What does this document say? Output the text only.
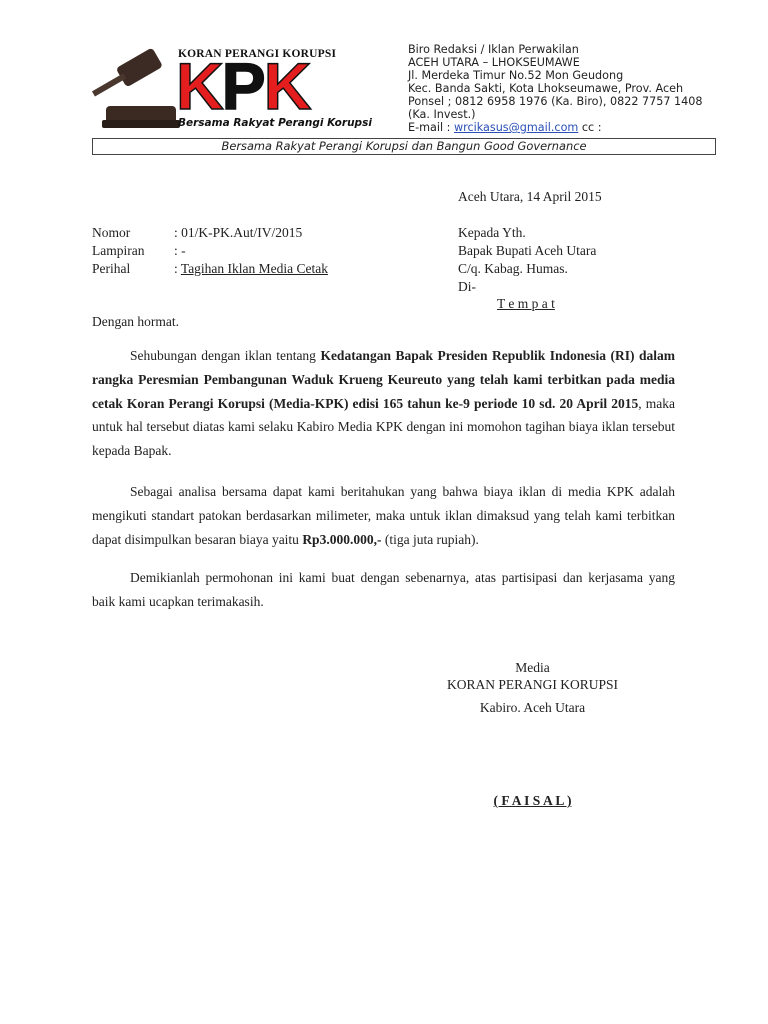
KORAN PERANGI KORUPSI
KPK
Bersama Rakyat Perangi Korupsi
Biro Redaksi / Iklan Perwakilan
ACEH UTARA – LHOKSEUMAWE
Jl. Merdeka Timur No.52 Mon Geudong
Kec. Banda Sakti, Kota Lhokseumawe, Prov. Aceh
Ponsel ; 0812 6958 1976 (Ka. Biro), 0822 7757 1408
(Ka. Invest.)
E-mail : wrcikasus@gmail.com cc :
Bersama Rakyat Perangi Korupsi dan Bangun Good Governance
Aceh Utara, 14 April 2015
Nomor	: 01/K-PK.Aut/IV/2015
Lampiran : -
Perihal	: Tagihan Iklan Media Cetak
Kepada Yth.
Bapak Bupati Aceh Utara
C/q. Kabag. Humas.
Di-
T e m p a t
Dengan hormat.
Sehubungan dengan iklan tentang Kedatangan Bapak Presiden Republik Indonesia (RI) dalam rangka Peresmian Pembangunan Waduk Krueng Keureuto yang telah kami terbitkan pada media cetak Koran Perangi Korupsi (Media-KPK) edisi 165 tahun ke-9 periode 10 sd. 20 April 2015, maka untuk hal tersebut diatas kami selaku Kabiro Media KPK dengan ini momohon tagihan biaya iklan tersebut kepada Bapak.
Sebagai analisa bersama dapat kami beritahukan yang bahwa biaya iklan di media KPK adalah mengikuti standart patokan berdasarkan milimeter, maka untuk iklan dimaksud yang telah kami terbitkan dapat disimpulkan besaran biaya yaitu Rp3.000.000,- (tiga juta rupiah).
Demikianlah permohonan ini kami buat dengan sebenarnya, atas partisipasi dan kerjasama yang baik kami ucapkan terimakasih.
Media
KORAN PERANGI KORUPSI
Kabiro. Aceh Utara
( F A I S A L )
